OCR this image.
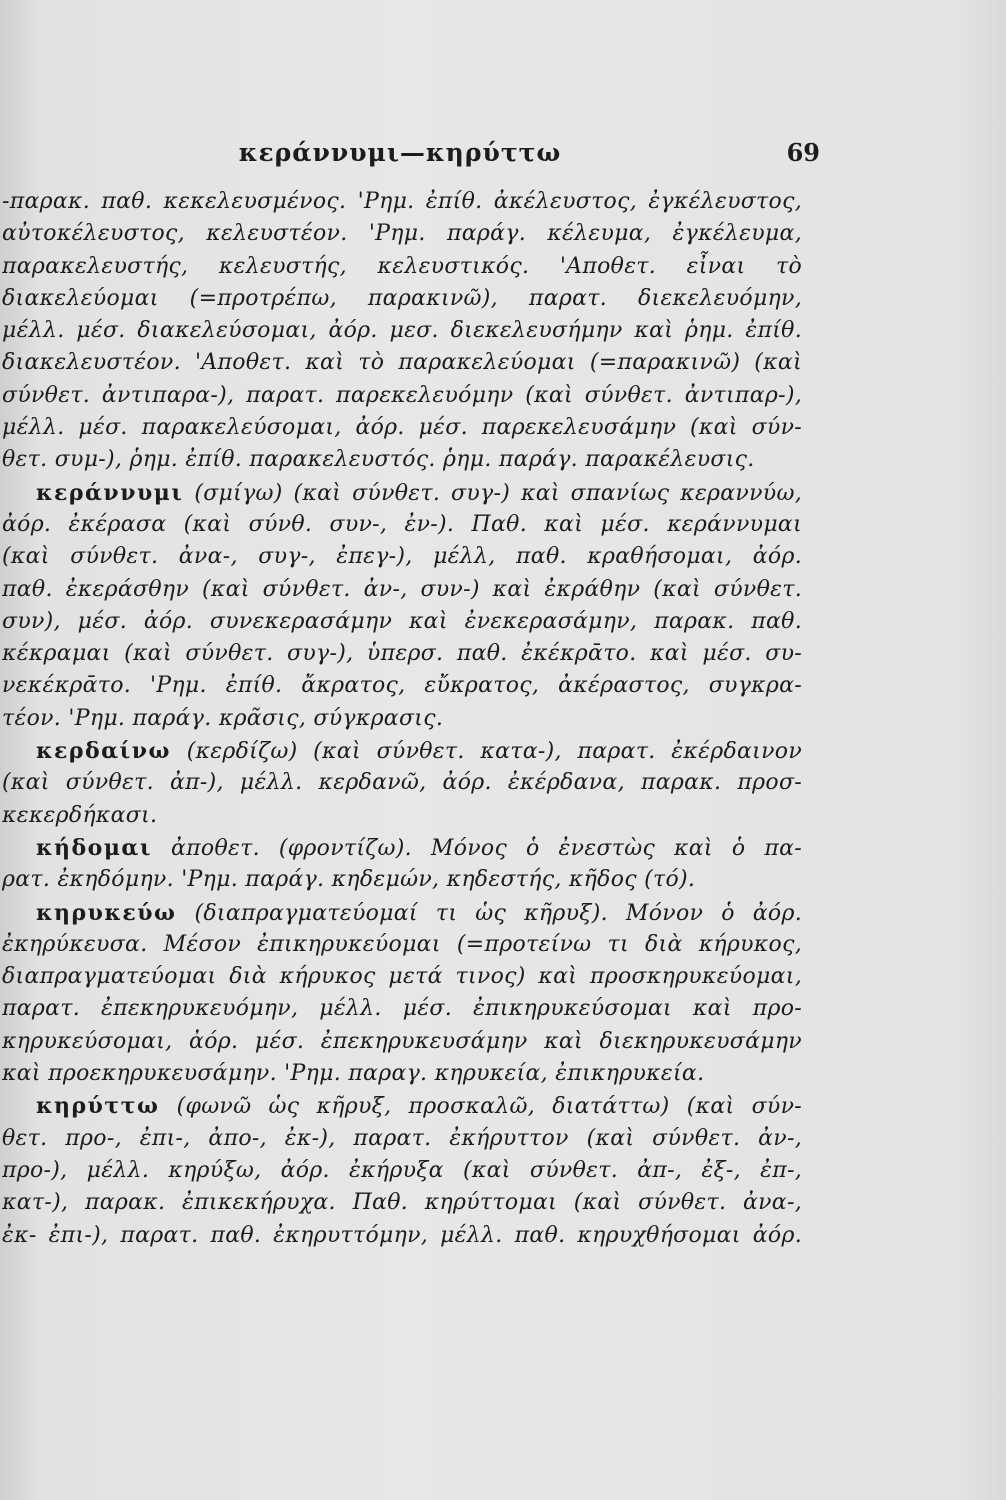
κεράννυμι—κηρύττω	69
-παρακ. παθ. κεκελευσμένος. 'Ρημ. ἐπίθ. ἀκέλευστος, ἐγκέλευστος,
αὐτοκέλευστος, κελευστέον. 'Ρημ. παράγ. κέλευμα, ἐγκέλευμα,
παρακελευστής, κελευστής, κελευστικός. 'Αποθετ. εἶναι τὸ
διακελεύομαι (=προτρέπω, παρακινῶ), παρατ. διεκελευόμην,
μέλλ. μέσ. διακελεύσομαι, ἀόρ. μεσ. διεκελευσήμην καὶ ῥημ. ἐπίθ.
διακελευστέον. 'Αποθετ. καὶ τὸ παρακελεύομαι (=παρακινῶ) (καὶ
σύνθετ. ἀντιπαρα-), παρατ. παρεκελευόμην (καὶ σύνθετ. ἀντιπαρ-),
μέλλ. μέσ. παρακελεύσομαι, ἀόρ. μέσ. παρεκελευσάμην (καὶ σύν-
θετ. συμ-), ῥημ. ἐπίθ. παρακελευστός. ῥημ. παράγ. παρακέλευσις.
κεράννυμι (σμίγω) (καὶ σύνθετ. συγ-) καὶ σπανίως κεραννύω,
ἀόρ. ἐκέρασα (καὶ σύνθ. συν-, ἐν-). Παθ. καὶ μέσ. κεράννυμαι
(καὶ σύνθετ. ἀνα-, συγ-, ἐπεγ-), μέλλ, παθ. κραθήσομαι, ἀόρ.
παθ. ἐκεράσθην (καὶ σύνθετ. ἀν-, συν-) καὶ ἐκράθην (καὶ σύνθετ.
συν), μέσ. ἀόρ. συνεκερασάμην καὶ ἐνεκερασάμην, παρακ. παθ.
κέκραμαι (καὶ σύνθετ. συγ-), ὑπερσ. παθ. ἐκέκρᾱτο. καὶ μέσ. συ-
νεκέκρᾱτο. 'Ρημ. ἐπίθ. ἄκρατος, εὔκρατος, ἀκέραστος, συγκρα-
τέον. 'Ρημ. παράγ. κρᾶσις, σύγκρασις.
κερδαίνω (κερδίζω) (καὶ σύνθετ. κατα-), παρατ. ἐκέρδαινον
(καὶ σύνθετ. ἀπ-), μέλλ. κερδανῶ, ἀόρ. ἐκέρδανα, παρακ. προσ-
κεκερδήκασι.
κήδομαι ἀποθετ. (φροντίζω). Μόνος ὁ ἐνεστὼς καὶ ὁ πα-
ρατ. ἐκηδόμην. 'Ρημ. παράγ. κηδεμών, κηδεστής, κῆδος (τό).
κηρυκεύω (διαπραγματεύομαί τι ὡς κῆρυξ). Μόνον ὁ ἀόρ.
ἐκηρύκευσα. Μέσον ἐπικηρυκεύομαι (=προτείνω τι διὰ κήρυκος,
διαπραγματεύομαι διὰ κήρυκος μετά τινος) καὶ προσκηρυκεύομαι,
παρατ. ἐπεκηρυκευόμην, μέλλ. μέσ. ἐπικηρυκεύσομαι καὶ προ-
κηρυκεύσομαι, ἀόρ. μέσ. ἐπεκηρυκευσάμην καὶ διεκηρυκευσάμην
καὶ προεκηρυκευσάμην. 'Ρημ. παραγ. κηρυκεία, ἐπικηρυκεία.
κηρύττω (φωνῶ ὡς κῆρυξ, προσκαλῶ, διατάττω) (καὶ σύν-
θετ. προ-, ἐπι-, ἀπο-, ἐκ-), παρατ. ἐκήρυττον (καὶ σύνθετ. ἀν-,
προ-), μέλλ. κηρύξω, ἀόρ. ἐκήρυξα (καὶ σύνθετ. ἀπ-, ἐξ-, ἐπ-,
κατ-), παρακ. ἐπικεκήρυχα. Παθ. κηρύττομαι (καὶ σύνθετ. ἀνα-,
ἐκ- ἐπι-), παρατ. παθ. ἐκηρυττόμην, μέλλ. παθ. κηρυχθήσομαι ἀόρ.
